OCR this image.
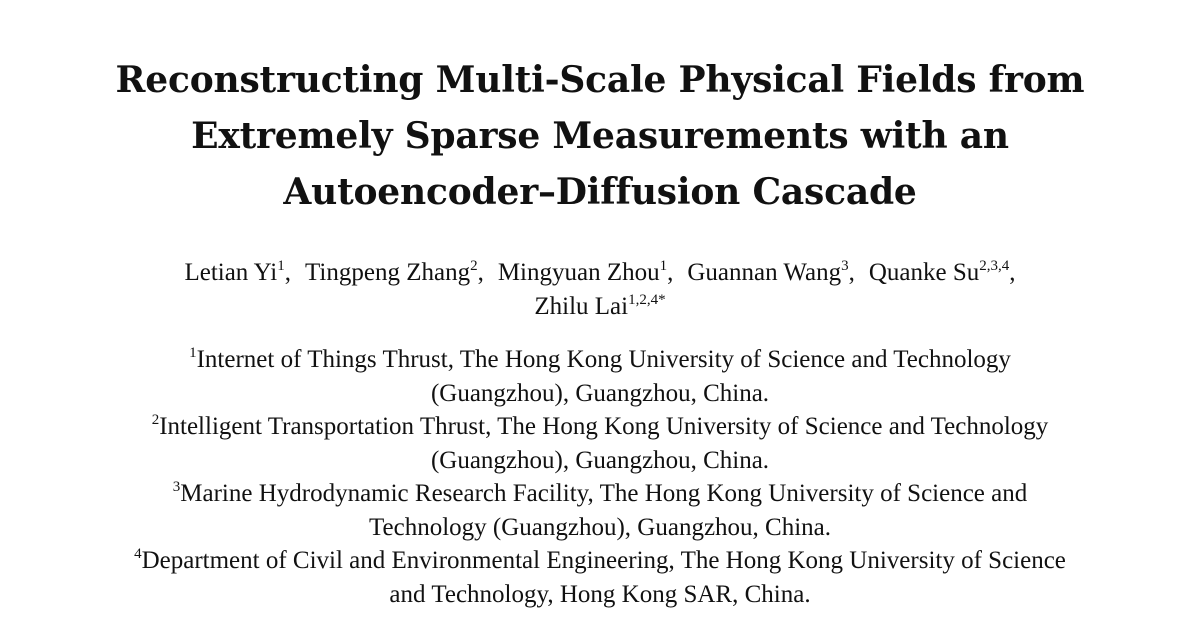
Reconstructing Multi-Scale Physical Fields from
Extremely Sparse Measurements with an
Autoencoder–Diffusion Cascade
Letian Yi$^1$, Tingpeng Zhang$^2$, Mingyuan Zhou$^1$, Guannan Wang$^3$, Quanke Su$^{2,3,4}$,
Zhilu Lai$^{1,2,4*}$
$^1$Internet of Things Thrust, The Hong Kong University of Science and Technology
(Guangzhou), Guangzhou, China.
$^2$Intelligent Transportation Thrust, The Hong Kong University of Science and Technology
(Guangzhou), Guangzhou, China.
$^3$Marine Hydrodynamic Research Facility, The Hong Kong University of Science and
Technology (Guangzhou), Guangzhou, China.
$^4$Department of Civil and Environmental Engineering, The Hong Kong University of Science
and Technology, Hong Kong SAR, China.
